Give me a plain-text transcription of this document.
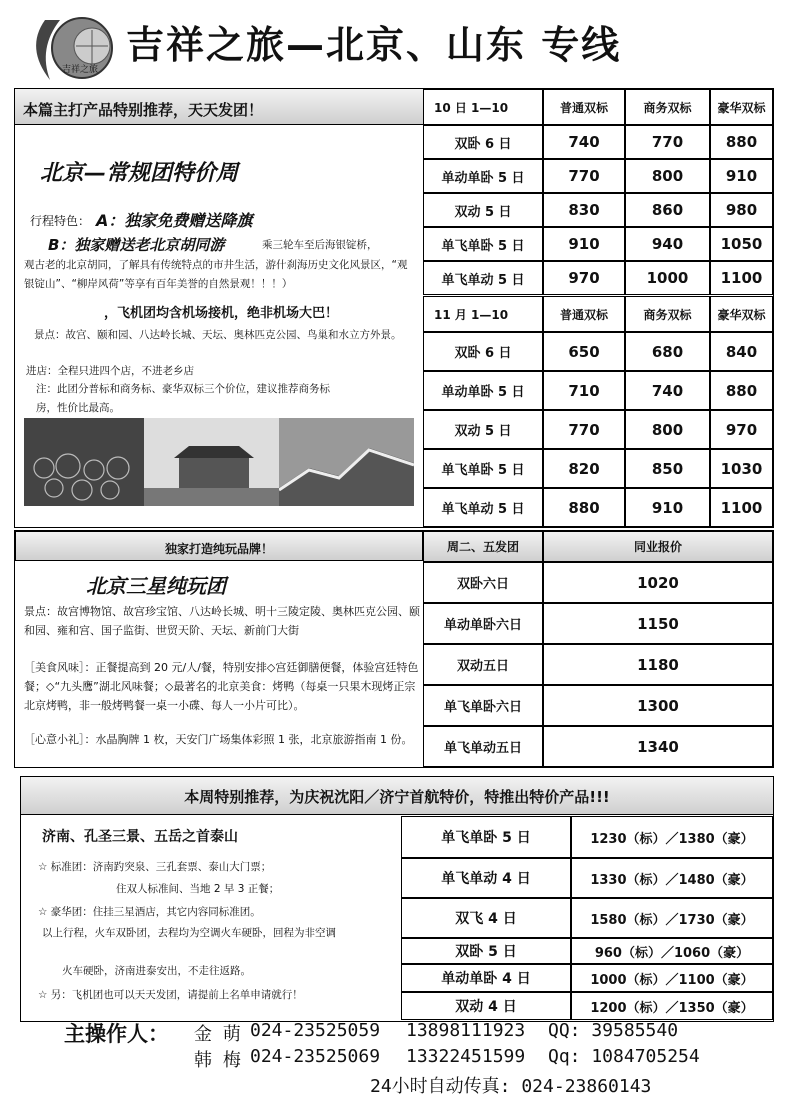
吉祥之旅
吉祥之旅—北京、山东 专线
本篇主打产品特别推荐，天天发团！	10 日 1—10	普通双标	商务双标	豪华双标
双卧 6 日	740	770	880
单动单卧 5 日	770	800	910
双动 5 日	830	860	980
单飞单卧 5 日	910	940	1050
单飞单动 5 日	970	1000	1100
11 月 1—10	普通双标	商务双标	豪华双标
双卧 6 日	650	680	840
单动单卧 5 日	710	740	880
双动 5 日	770	800	970
单飞单卧 5 日	820	850	1030
单飞单动 5 日	880	910	1100
北京—常规团特价周
行程特色： A：独家免费赠送降旗
B：独家赠送老北京胡同游	乘三轮车至后海银锭桥，
观古老的北京胡同，了解具有传统特点的市井生活，游什刹海历史文化风景区，“观银锭山”、“柳岸风荷”等享有百年美誉的自然景观！！！）
，飞机团均含机场接机，绝非机场大巴！
景点：故宫、颐和园、八达岭长城、天坛、奥林匹克公园、鸟巢和水立方外景。
进店：全程只进四个店，不进老乡店
注：此团分普标和商务标、豪华双标三个价位，建议推荐商务标房，性价比最高。
独家打造纯玩品牌！	周二、五发团	同业报价
双卧六日	1020
单动单卧六日	1150
双动五日	1180
单飞单卧六日	1300
单飞单动五日	1340
北京三星纯玩团
景点：故宫博物馆、故宫珍宝馆、八达岭长城、明十三陵定陵、奥林匹克公园、颐和园、雍和宫、国子监街、世贸天阶、天坛、新前门大街
［美食风味］：正餐提高到 20 元/人/餐，特别安排◇宫廷御膳便餐，体验宫廷特色餐；◇“九头鹰”湖北风味餐；◇最著名的北京美食：烤鸭（每桌一只果木现烤正宗北京烤鸭，非一般烤鸭餐一桌一小碟、每人一小片可比）。
［心意小礼］：水晶胸牌 1 枚，天安门广场集体彩照 1 张，北京旅游指南 1 份。
本周特别推荐，为庆祝沈阳／济宁首航特价，特推出特价产品!!!
单飞单卧 5 日	1230（标）／1380（豪）
单飞单动 4 日	1330（标）／1480（豪）
双飞 4 日	1580（标）／1730（豪）
双卧 5 日	960（标）／1060（豪）
单动单卧 4 日	1000（标）／1100（豪）
双动 4 日	1200（标）／1350（豪）
济南、孔圣三景、五岳之首泰山
☆ 标准团：济南趵突泉、三孔套票、泰山大门票；
住双人标准间、当地 2 早 3 正餐；
☆ 豪华团：住挂三星酒店，其它内容同标准团。
以上行程，火车双卧团，去程均为空调火车硬卧，回程为非空调
火车硬卧，济南进泰安出，不走往返路。
☆ 另：飞机团也可以天天发团，请提前上名单申请就行！
主操作人： 金 萌 024-23525059 13898111923 QQ: 39585540
韩 梅 024-23525069 13322451599 Qq: 1084705254
24小时自动传真: 024-23860143
